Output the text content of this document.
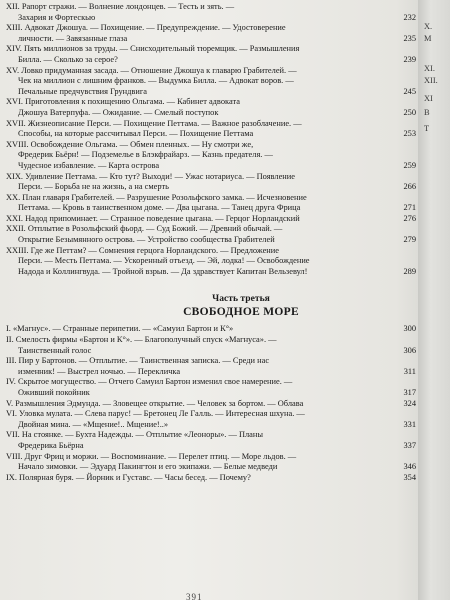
XII. Рапорт стражи. — Волнение лондонцев. — Тесть и зять. —
Захария и Фортескью	232
XIII. Адвокат Джошуа. — Похищение. — Предупреждение. — Удостоверение
личности. — Завязанные глаза	235
XIV. Пять миллионов за труды. — Снисходительный тюремщик. — Размышления
Билла. — Сколько за серое?	239
XV. Ловко придуманная засада. — Отношение Джошуа к главарю Грабителей. —
Чек на миллион с лишним франков. — Выдумка Билла. — Адвокат воров. —
Печальные предчувствия Грундвига	245
XVI. Приготовления к похищению Ольгама. — Кабинет адвоката
Джошуа Ватерпуфа. — Ожидание. — Смелый поступок	250
XVII. Жизнеописание Перси. — Похищение Петтама. — Важное разоблачение. —
Способы, на которые рассчитывал Перси. — Похищение Петтама	253
XVIII. Освобождение Ольгама. — Обмен пленных. — Ну смотри же,
Фредерик Бьёрн! — Подземелье в Блэкфрайарз. — Казнь предателя. —
Чудесное избавление. — Карта острова	259
XIX. Удивление Петтама. — Кто тут? Выходи! — Ужас нотариуса. — Появление
Перси. — Борьба не на жизнь, а на смерть	266
XX. План главаря Грабителей. — Разрушение Розольфского замка. — Исчезновение
Петтама. — Кровь в таинственном доме. — Два цыгана. — Танец друга Фрица	271
XXI. Надод припоминает. — Странное поведение цыгана. — Герцог Норландский	276
XXII. Отплытие в Розольфский фьорд. — Суд Божий. — Древний обычай. —
Открытие Безымянного острова. — Устройство сообщества Грабителей	279
XXIII. Где же Петтам? — Сомнения герцога Норландского. — Предложение
Перси. — Месть Петтама. — Ускоренный отъезд. — Эй, лодка! — Освобождение
Надода и Коллингвуда. — Тройной взрыв. — Да здравствует Капитан Вельзевул!	289
Часть третья
СВОБОДНОЕ МОРЕ
I. «Магнус». — Странные перипетии. — «Самуил Бартон и К°»	300
II. Смелость фирмы «Бартон и К°». — Благополучный спуск «Магнуса». —
Таинственный голос	306
III. Пир у Бартонов. — Отплытие. — Таинственная записка. — Среди нас
изменник! — Выстрел ночью. — Перекличка	311
IV. Скрытое могущество. — Отчего Самуил Бартон изменил свое намерение. —
Оживший покойник	317
V. Размышления Эдмунда. — Зловещее открытие. — Человек за бортом. — Облава	324
VI. Уловка мулата. — Слева парус! — Бретонец Ле Галль. — Интересная шхуна. —
Двойная мина. — «Мщение!.. Мщение!..»	331
VII. На стоянке. — Бухта Надежды. — Отплытие «Леоноры». — Планы
Фредерика Бьёрна	337
VIII. Друг Фриц и моржи. — Воспоминание. — Перелет птиц. — Море льдов. —
Начало зимовки. — Эдуард Пакингтон и его экипажи. — Белые медведи	346
IX. Полярная буря. — Йорник и Густавс. — Часы бесед. — Почему?	354
X.
М
XI.
XII.
XI
В
Т
391
